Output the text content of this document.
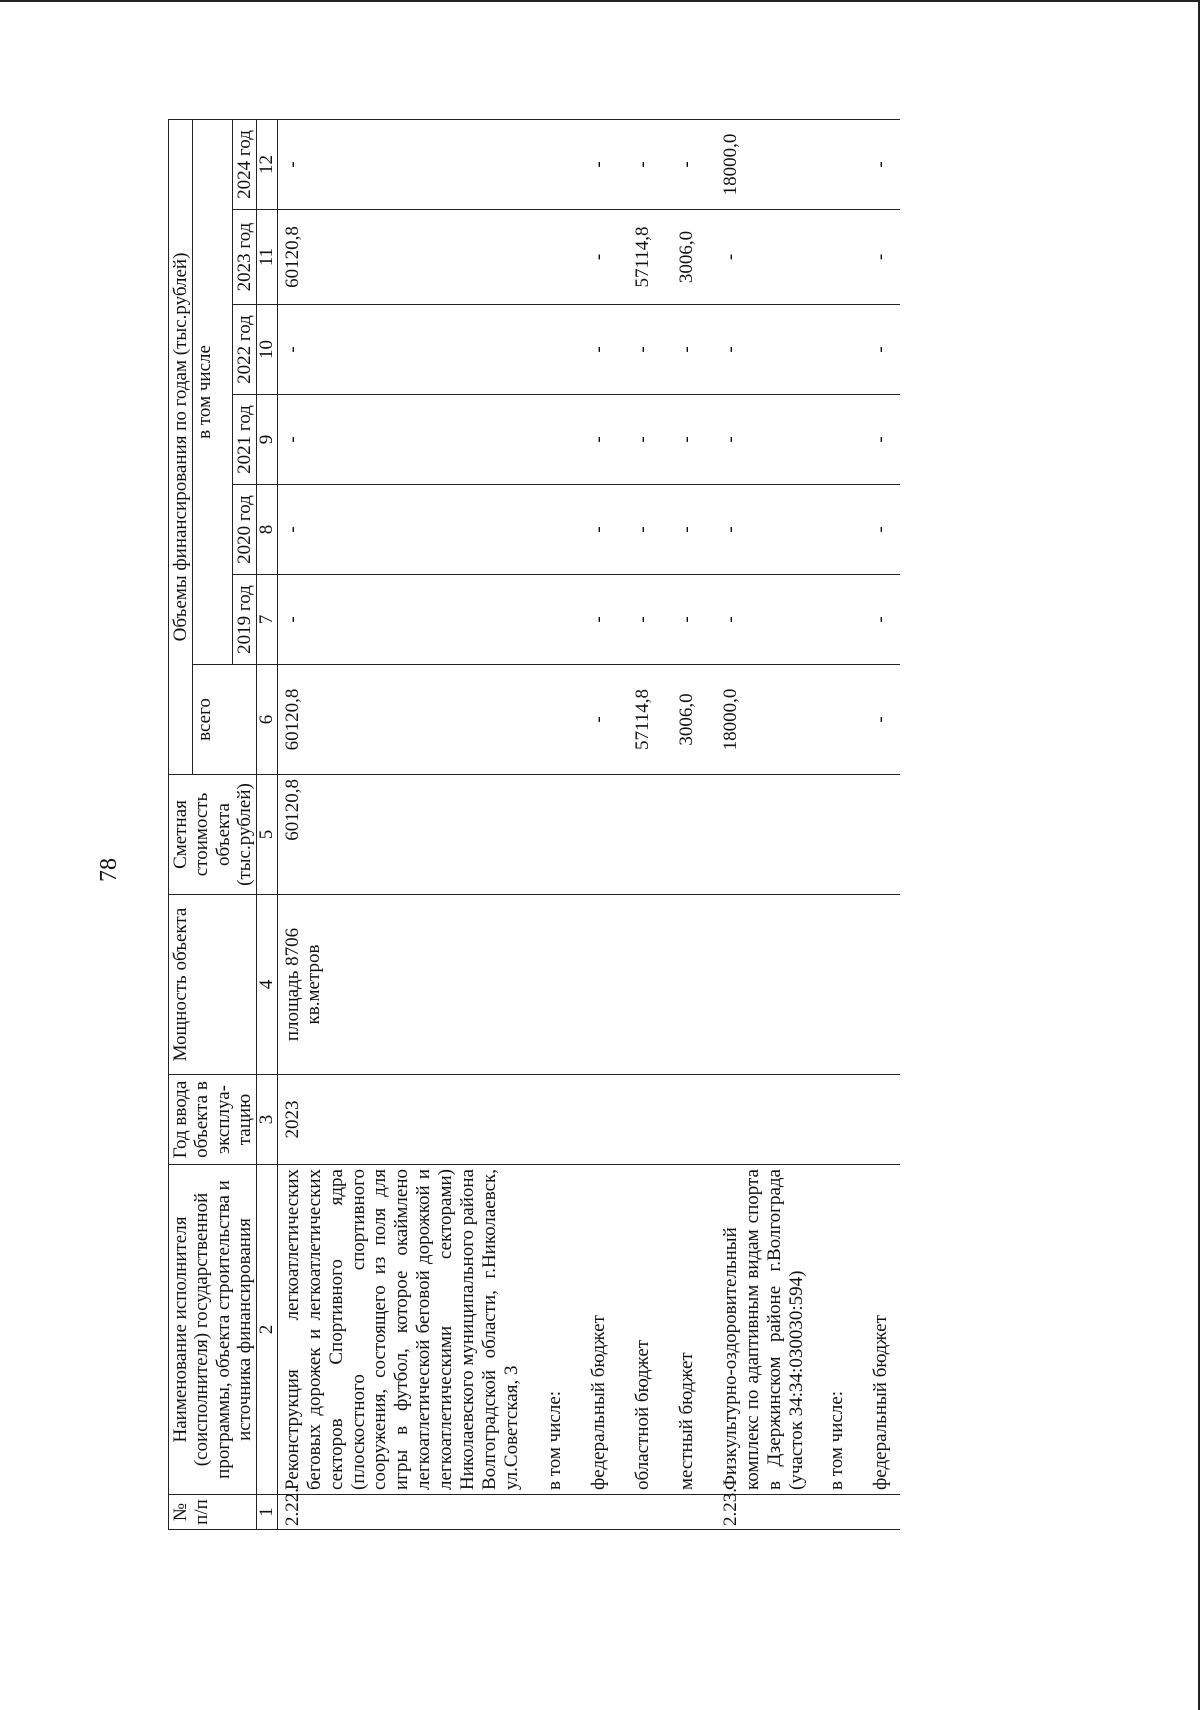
78
№ п/п	Наименование исполнителя (соисполнителя) государственной программы, объекта строительства и источника финансирования	Год ввода объекта в эксплуа-тацию	Мощность объекта	Сметная стоимость объекта (тыс.рублей)	Объемы финансирования по годам (тыс.рублей)						
					всего	в том числе					
						2019 год	2020 год	2021 год	2022 год	2023 год	2024 год
1	2	3	4	5	6	7	8	9	10	11	12
2.22.	Реконструкция легкоатлетических беговых дорожек и легкоатлетических секторов Спортивного ядра (плоскостного спортивного сооружения, состоящего из поля для игры в футбол, которое окаймлено легкоатлетической беговой дорожкой и легкоатлетическими секторами) Николаевского муниципального района Волгоградской области, г.Николаевск, ул.Советская, 3	2023	площадь 8706 кв.метров	60120,8	60120,8	-	-	-	-	60120,8	-
	в том числе:										
	федеральный бюджет				-	-	-	-	-	-	-
	областной бюджет				57114,8	-	-	-	-	57114,8	-
	местный бюджет				3006,0	-	-	-	-	3006,0	-
2.23.	Физкультурно-оздоровительный комплекс по адаптивным видам спорта в Дзержинском районе г.Волгограда (участок 34:34:030030:594)				18000,0	-	-	-	-	-	18000,0
	в том числе:										
	федеральный бюджет				-	-	-	-	-	-	-
